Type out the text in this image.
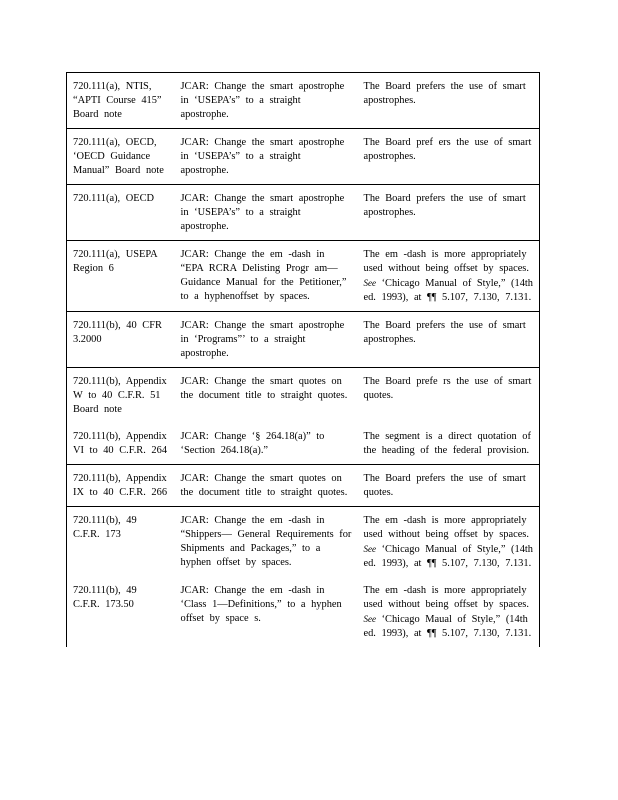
720.111(a), NTIS, “APTI Course 415” Board note	JCAR: Change the smart apostrophe in ‘USEPA’s” to a straight apostrophe.	The Board prefers the use of smart apostrophes.

720.111(a), OECD, ‘OECD Guidance Manual” Board note	JCAR: Change the smart apostrophe in ‘USEPA’s” to a straight apostrophe.	The Board pref ers the use of smart apostrophes.

720.111(a), OECD	JCAR: Change the smart apostrophe in ‘USEPA’s” to a straight apostrophe.	The Board prefers the use of smart apostrophes.

720.111(a), USEPA Region 6	JCAR: Change the em -dash in “EPA RCRA Delisting Progr am—Guidance Manual for the Petitioner,” to a hyphenoffset by spaces.	The em -dash is more appropriately used without being offset by spaces. See ‘Chicago Manual of Style,” (14th ed. 1993), at ¶¶ 5.107, 7.130, 7.131.

720.111(b), 40 CFR 3.2000	JCAR: Change the smart apostrophe in ‘Programs”’ to a straight apostrophe.	The Board prefers the use of smart apostrophes.

720.111(b), Appendix W to 40 C.F.R. 51 Board note	JCAR: Change the smart quotes on the document title to straight quotes.	The Board prefe rs the use of smart quotes.

720.111(b), Appendix VI to 40 C.F.R. 264	JCAR: Change ‘§ 264.18(a)” to ‘Section 264.18(a).”	The segment is a direct quotation of the heading of the federal provision.

720.111(b), Appendix IX to 40 C.F.R. 266	JCAR: Change the smart quotes on the document title to straight quotes.	The Board prefers the use of smart quotes.

720.111(b), 49 C.F.R. 173	JCAR: Change the em -dash in “Shippers— General Requirements for Shipments and Packages,” to a hyphen offset by spaces.	The em -dash is more appropriately used without being offset by spaces. See ‘Chicago Manual of Style,” (14th ed. 1993), at ¶¶ 5.107, 7.130, 7.131.

720.111(b), 49 C.F.R. 173.50	JCAR: Change the em -dash in ‘Class 1—Definitions,” to a hyphen offset by space s.	The em -dash is more appropriately used without being offset by spaces. See ‘Chicago Maual of Style,” (14th ed. 1993), at ¶¶ 5.107, 7.130, 7.131.
